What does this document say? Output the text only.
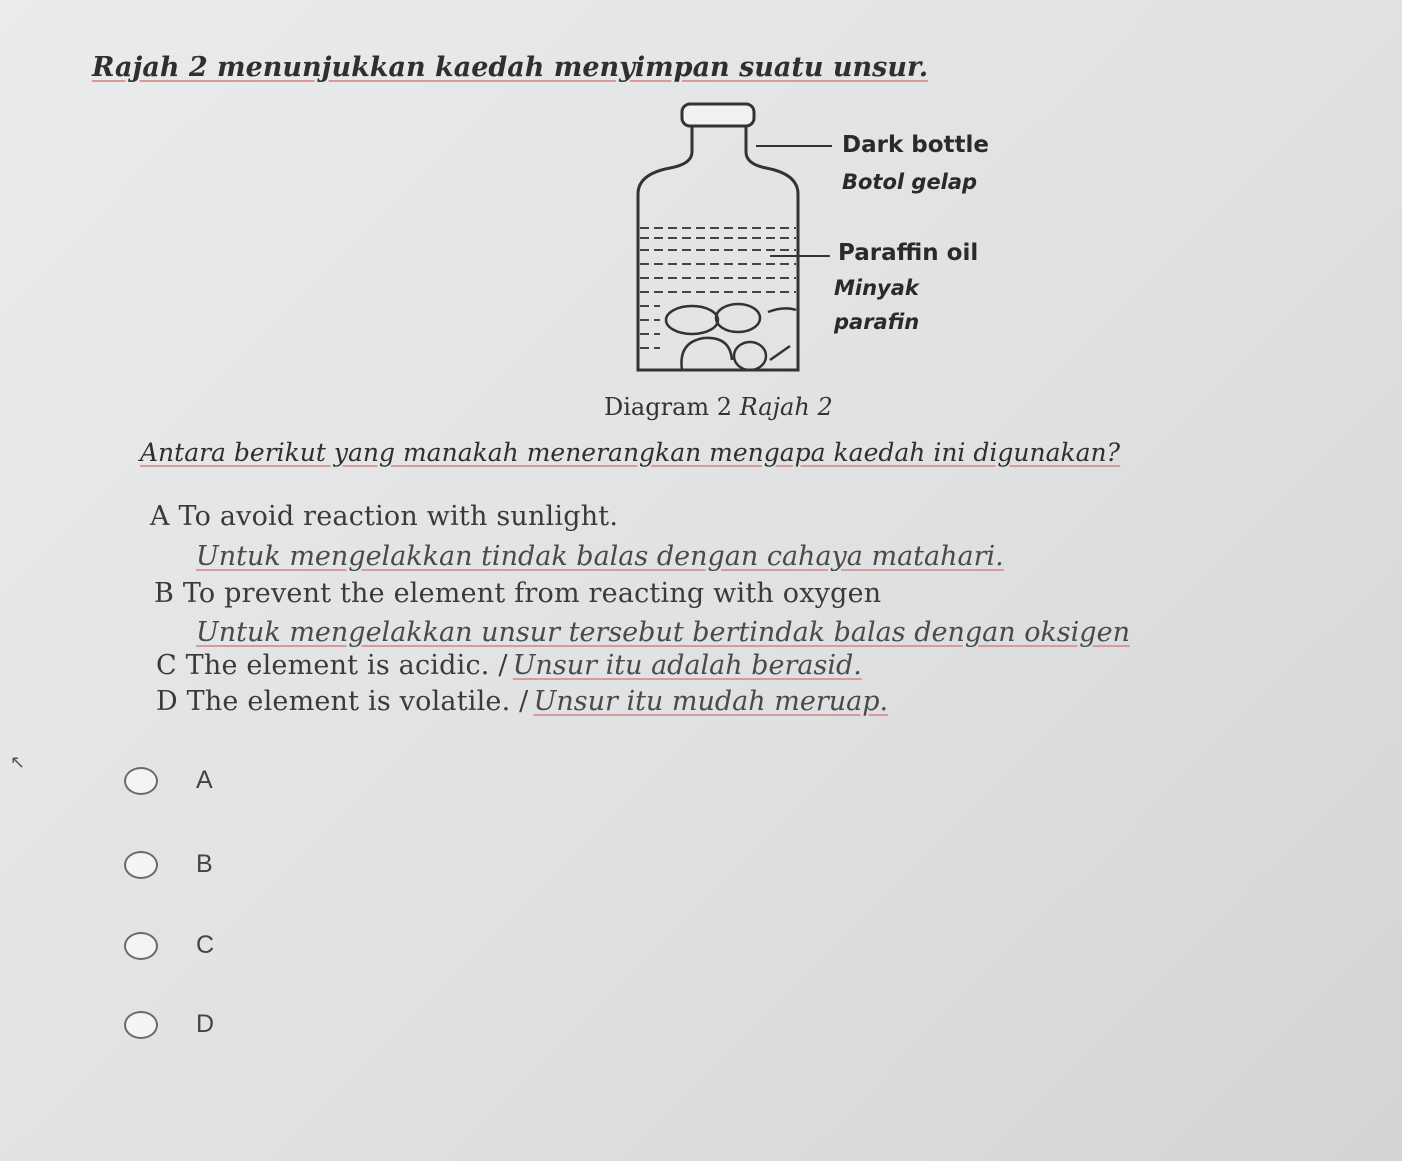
Rajah 2 menunjukkan kaedah menyimpan suatu unsur.
Dark bottle
Botol gelap
Paraffin oil
Minyak
parafin
Diagram 2 Rajah 2
Antara berikut yang manakah menerangkan mengapa kaedah ini digunakan?
A To avoid reaction with sunlight.
Untuk mengelakkan tindak balas dengan cahaya matahari.
B To prevent the element from reacting with oxygen
Untuk mengelakkan unsur tersebut bertindak balas dengan oksigen
C The element is acidic. / Unsur itu adalah berasid.
D The element is volatile. / Unsur itu mudah meruap.
↖
A
B
C
D
